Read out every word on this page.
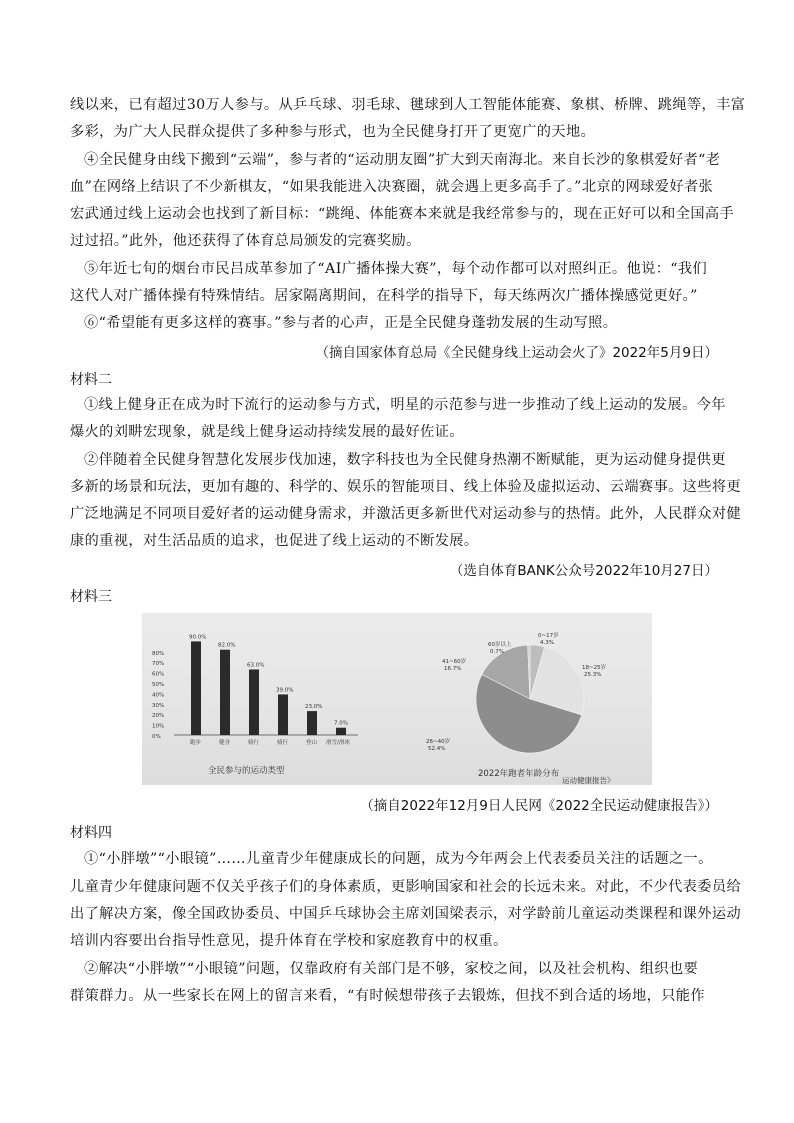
线以来，已有超过30万人参与。从乒乓球、羽毛球、毽球到人工智能体能赛、象棋、桥牌、跳绳等，丰富
多彩，为广大人民群众提供了多种参与形式，也为全民健身打开了更宽广的天地。
④全民健身由线下搬到“云端”，参与者的“运动朋友圈”扩大到天南海北。来自长沙的象棋爱好者“老
血”在网络上结识了不少新棋友，“如果我能进入决赛圈，就会遇上更多高手了。”北京的网球爱好者张
宏武通过线上运动会也找到了新目标：“跳绳、体能赛本来就是我经常参与的，现在正好可以和全国高手
过过招。”此外，他还获得了体育总局颁发的完赛奖励。
⑤年近七旬的烟台市民吕成革参加了“AI广播体操大赛”，每个动作都可以对照纠正。他说：“我们
这代人对广播体操有特殊情结。居家隔离期间，在科学的指导下，每天练两次广播体操感觉更好。”
⑥“希望能有更多这样的赛事。”参与者的心声，正是全民健身蓬勃发展的生动写照。
（摘自国家体育总局《全民健身线上运动会火了》2022年5月9日）
材料二
①线上健身正在成为时下流行的运动参与方式，明星的示范参与进一步推动了线上运动的发展。今年
爆火的刘畊宏现象，就是线上健身运动持续发展的最好佐证。
②伴随着全民健身智慧化发展步伐加速，数字科技也为全民健身热潮不断赋能，更为运动健身提供更
多新的场景和玩法，更加有趣的、科学的、娱乐的智能项目、线上体验及虚拟运动、云端赛事。这些将更
广泛地满足不同项目爱好者的运动健身需求，并激活更多新世代对运动参与的热情。此外，人民群众对健
康的重视，对生活品质的追求，也促进了线上运动的不断发展。
（选自体育BANK公众号2022年10月27日）
材料三
0%
10%
20%
30%
40%
50%
60%
70%
80%
90.0%
跑步
82.0%
健身
63.0%
骑行
39.0%
骑行
23.0%
登山
7.0%
滑雪/滑冰
全民参与的运动类型
0~17岁
4.3%
18~25岁
25.3%
26~40岁
52.4%
41~60岁
16.7%
60岁以上
0.7%
2022年跑者年龄分布
运动健康报告》
（摘自2022年12月9日人民网《2022全民运动健康报告》）
材料四
①“小胖墩”“小眼镜”……儿童青少年健康成长的问题，成为今年两会上代表委员关注的话题之一。
儿童青少年健康问题不仅关乎孩子们的身体素质，更影响国家和社会的长远未来。对此，不少代表委员给
出了解决方案，像全国政协委员、中国乒乓球协会主席刘国梁表示，对学龄前儿童运动类课程和课外运动
培训内容要出台指导性意见，提升体育在学校和家庭教育中的权重。
②解决“小胖墩”“小眼镜”问题，仅靠政府有关部门是不够，家校之间，以及社会机构、组织也要
群策群力。从一些家长在网上的留言来看，“有时候想带孩子去锻炼，但找不到合适的场地，只能作
